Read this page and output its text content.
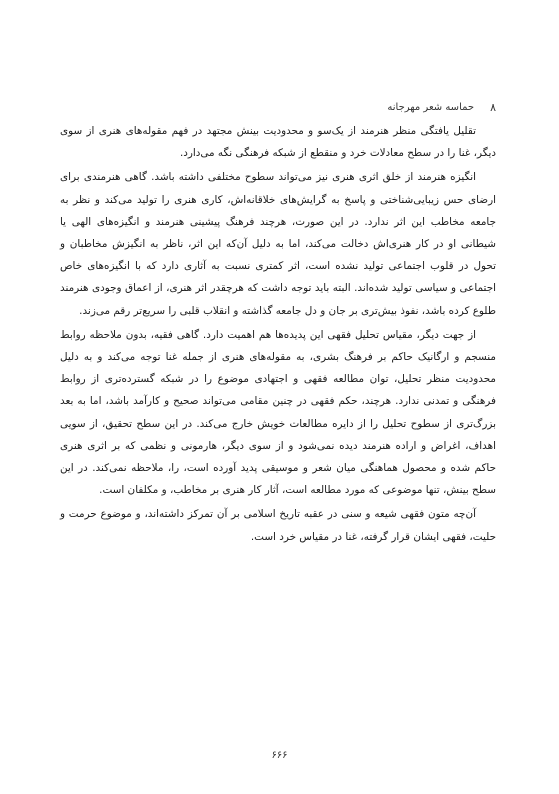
۸
حماسه شعر مهرجانه

تقلیل یافتگی منظر هنرمند از یک‌سو و محدودیت بینش مجتهد در فهم مقوله‌های هنری از سوی دیگر، غنا را در سطح معادلات خرد و منقطع از شبکه فرهنگی نگه می‌دارد.

انگیزه هنرمند از خلق اثری هنری نیز می‌تواند سطوح مختلفی داشته باشد. گاهی هنرمندی برای ارضای حس زیبایی‌شناختی و پاسخ به گرایش‌های خلاقانه‌اش، کاری هنری را تولید می‌کند و نظر به جامعه مخاطب این اثر ندارد. در این صورت، هرچند فرهنگ پیشینی هنرمند و انگیزه‌های الهی یا شیطانی او در کار هنری‌اش دخالت می‌کند، اما به دلیل آن‌که این اثر، ناظر به انگیزش مخاطبان و تحول در قلوب اجتماعی تولید نشده است، اثر کمتری نسبت به آثاری دارد که با انگیزه‌های خاص اجتماعی و سیاسی تولید شده‌اند. البته باید توجه داشت که هرچقدر اثر هنری، از اعماق وجودی هنرمند طلوع کرده باشد، نفوذ بیش‌تری بر جان و دل جامعه گذاشته و انقلاب قلبی را سریع‌تر رقم می‌زند.

از جهت دیگر، مقیاس تحلیل فقهی این پدیده‌ها هم اهمیت دارد. گاهی فقیه، بدون ملاحظه روابط منسجم و ارگانیک حاکم بر فرهنگ بشری، به مقوله‌های هنری از جمله غنا توجه می‌کند و به دلیل محدودیت منظر تحلیل، توان مطالعه فقهی و اجتهادی موضوع را در شبکه گسترده‌تری از روابط فرهنگی و تمدنی ندارد. هرچند، حکم فقهی در چنین مقامی می‌تواند صحیح و کارآمد باشد، اما به بعد بزرگ‌تری از سطوح تحلیل را از دایره مطالعات خویش خارج می‌کند. در این سطح تحقیق، از سویی اهداف، اغراض و اراده هنرمند دیده نمی‌شود و از سوی دیگر، هارمونی و نظمی که بر اثری هنری حاکم شده و محصول هماهنگی میان شعر و موسیقی پدید آورده است، را، ملاحظه نمی‌کند. در این سطح بینش، تنها موضوعی که مورد مطالعه است، آثار کار هنری بر مخاطب، و مکلفان است.

آن‌چه متون فقهی شیعه و سنی در عقبه تاریخ اسلامی بر آن تمرکز داشته‌اند، و موضوع حرمت و حلیت، فقهی ایشان قرار گرفته، غنا در مقیاس خرد است.

۶۶۶
